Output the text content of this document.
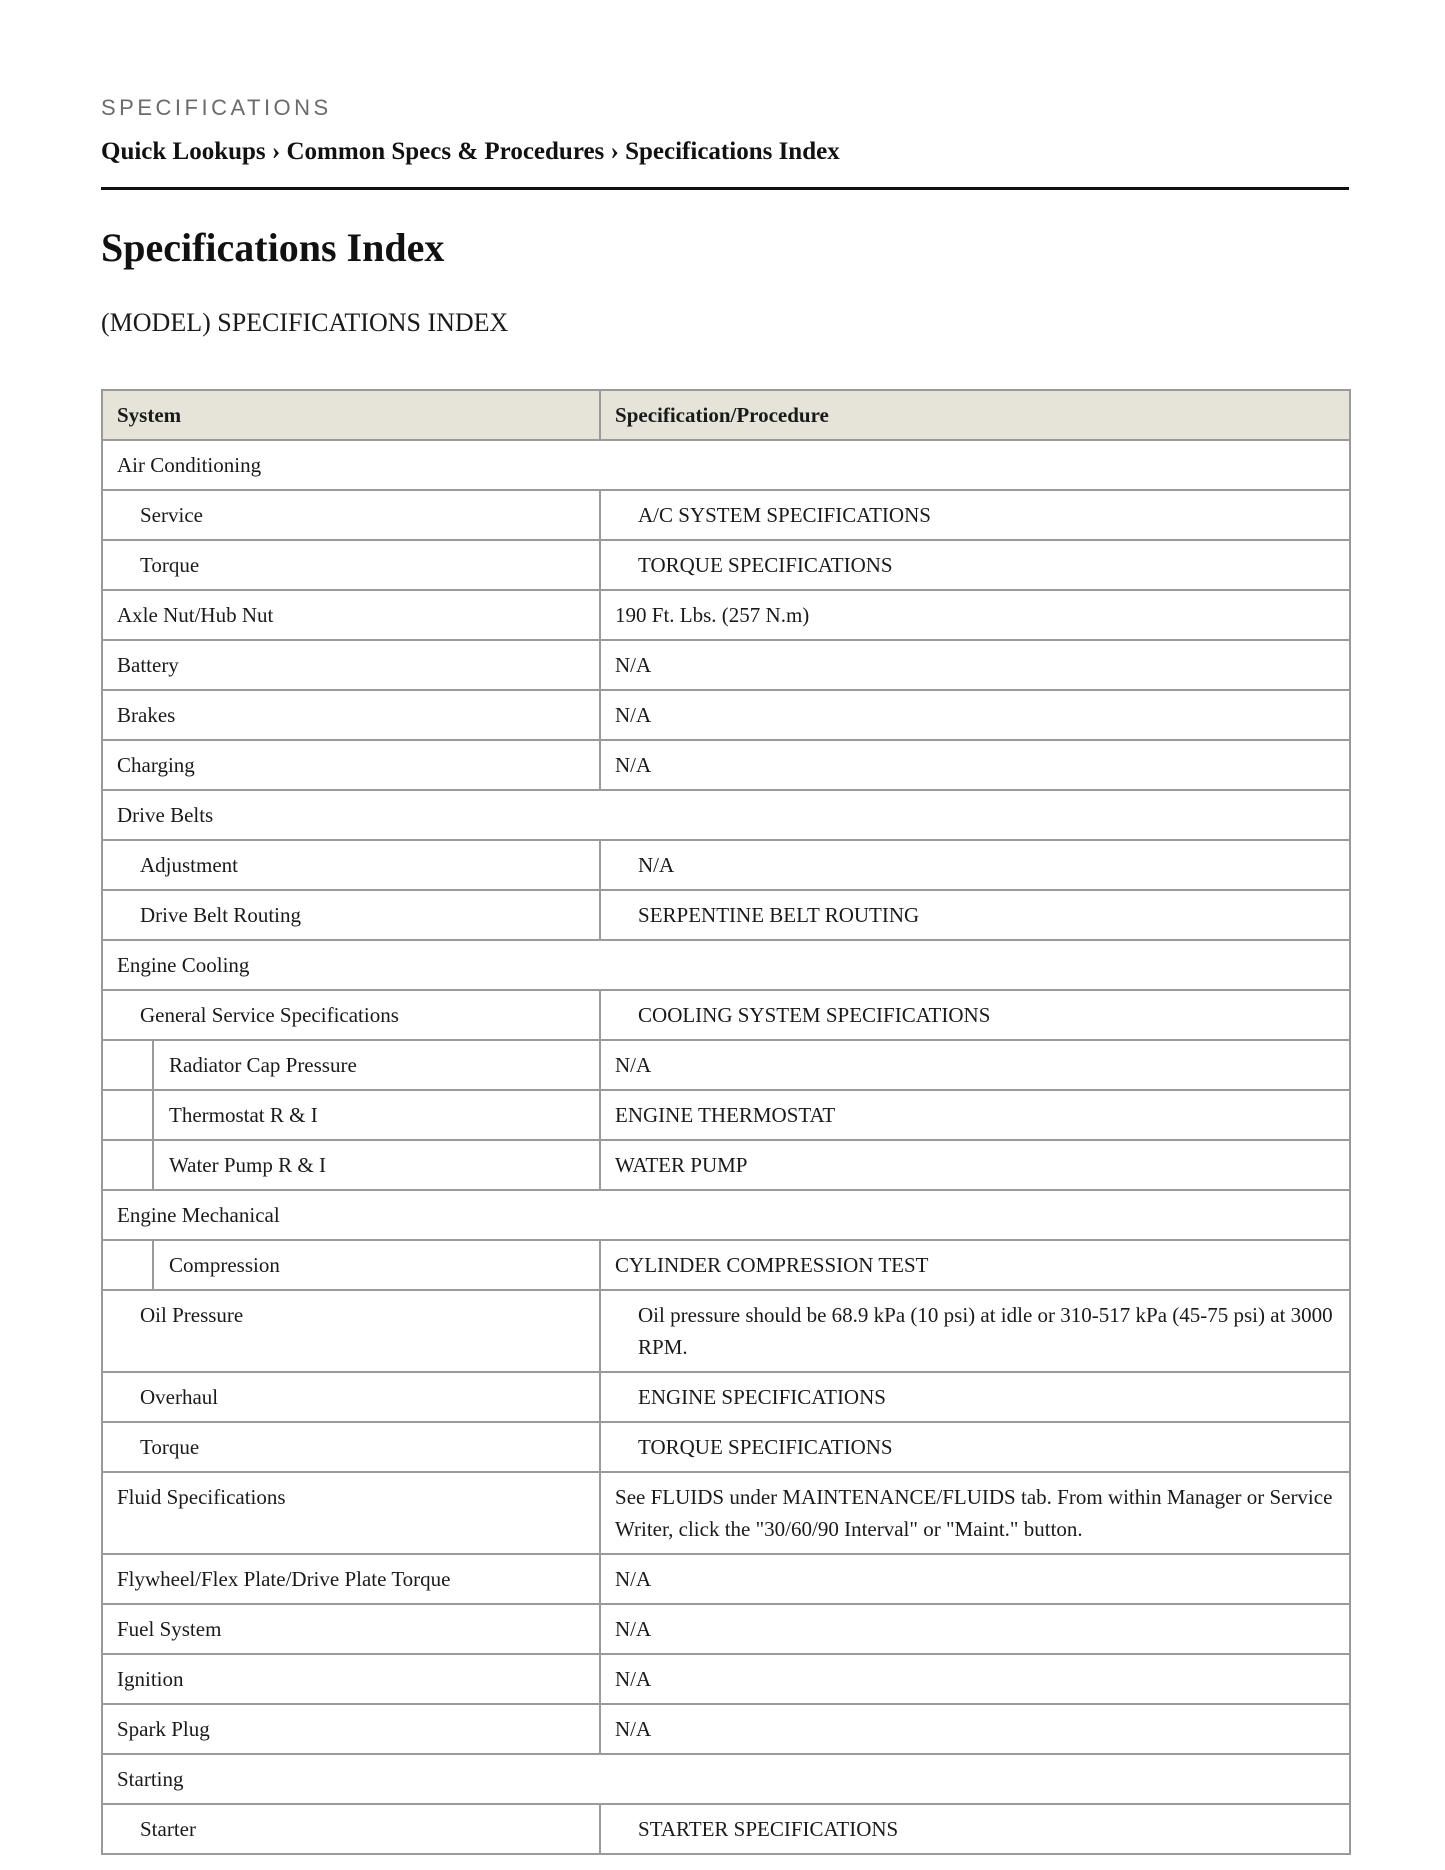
SPECIFICATIONS
Quick Lookups › Common Specs & Procedures › Specifications Index
Specifications Index
(MODEL) SPECIFICATIONS INDEX
System		Specification/Procedure

Air Conditioning		

Service		A/C SYSTEM SPECIFICATIONS

Torque		TORQUE SPECIFICATIONS

Axle Nut/Hub Nut		190 Ft. Lbs. (257 N.m)

Battery		N/A

Brakes		N/A

Charging		N/A

Drive Belts		

Adjustment		N/A

Drive Belt Routing		SERPENTINE BELT ROUTING

Engine Cooling		

General Service Specifications		COOLING SYSTEM SPECIFICATIONS

	Radiator Cap Pressure	N/A

	Thermostat R & I	ENGINE THERMOSTAT

	Water Pump R & I	WATER PUMP

Engine Mechanical		

	Compression	CYLINDER COMPRESSION TEST

Oil Pressure		Oil pressure should be 68.9 kPa (10 psi) at idle or 310-517 kPa (45-75 psi) at 3000 RPM.

Overhaul		ENGINE SPECIFICATIONS

Torque		TORQUE SPECIFICATIONS

Fluid Specifications		See FLUIDS under MAINTENANCE/FLUIDS tab. From within Manager or Service Writer, click the "30/60/90 Interval" or "Maint." button.

Flywheel/Flex Plate/Drive Plate Torque		N/A

Fuel System		N/A

Ignition		N/A

Spark Plug		N/A

Starting		

Starter		STARTER SPECIFICATIONS
